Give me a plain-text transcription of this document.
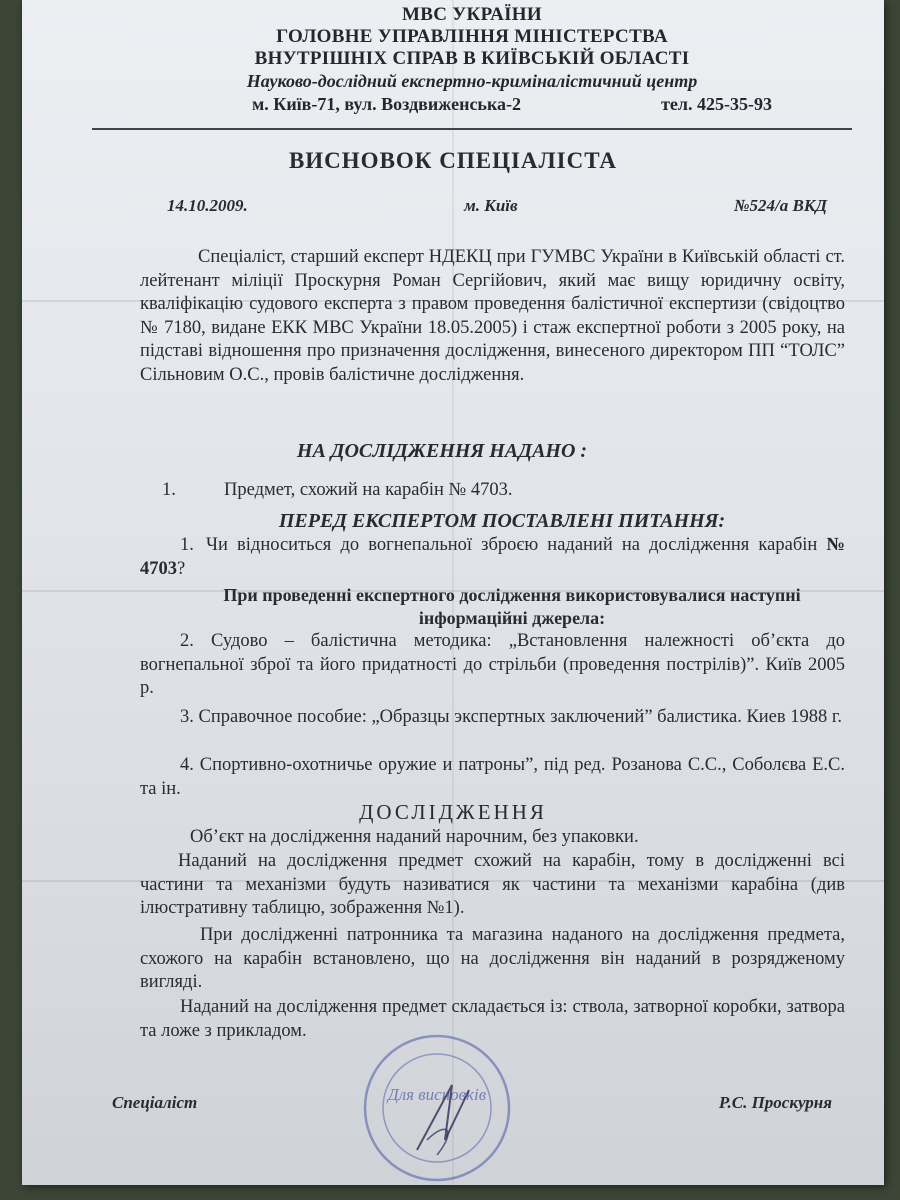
МВС УКРАЇНИ
ГОЛОВНЕ УПРАВЛІННЯ МІНІСТЕРСТВА
ВНУТРІШНІХ СПРАВ В КИЇВСЬКІЙ ОБЛАСТІ
Науково-дослідний експертно-криміналістичний центр
м. Київ-71, вул. Воздвиженська-2	тел. 425-35-93
ВИСНОВОК СПЕЦІАЛІСТА
14.10.2009.	м. Київ	№524/а ВКД
Спеціаліст, старший експерт НДЕКЦ при ГУМВС України в Київській області ст. лейтенант міліції Проскурня Роман Сергійович, який має вищу юридичну освіту, кваліфікацію судового експерта з правом проведення балістичної експертизи (свідоцтво № 7180, видане ЕКК МВС України 18.05.2005) і стаж експертної роботи з 2005 року, на підставі відношення про призначення дослідження, винесеного директором ПП “ТОЛС” Сільновим О.С., провів балістичне дослідження.
НА ДОСЛІДЖЕННЯ НАДАНО :
1.	Предмет, схожий на карабін № 4703.
ПЕРЕД ЕКСПЕРТОМ ПОСТАВЛЕНІ ПИТАННЯ:
1. Чи відноситься до вогнепальної зброєю наданий на дослідження карабін № 4703?
При проведенні експертного дослідження використовувалися наступні інформаційні джерела:
2. Судово – балістична методика: „Встановлення належності об’єкта до вогнепальної зброї та його придатності до стрільби (проведення пострілів)”. Київ 2005 р.
3. Справочное пособие: „Образцы экспертных заключений” балистика. Киев 1988 г.
4. Спортивно-охотничье оружие и патроны”, під ред. Розанова С.С., Соболєва Е.С. та ін.
ДОСЛІДЖЕННЯ
Об’єкт на дослідження наданий нарочним, без упаковки.
Наданий на дослідження предмет схожий на карабін, тому в дослідженні всі частини та механізми будуть називатися як частини та механізми карабіна (див ілюстративну таблицю, зображення №1).
При дослідженні патронника та магазина наданого на дослідження предмета, схожого на карабін встановлено, що на дослідження він наданий в розрядженому вигляді.
Наданий на дослідження предмет складається із: ствола, затворної коробки, затвора та ложе з прикладом.
Для висновків
Спеціаліст	Р.С. Проскурня
